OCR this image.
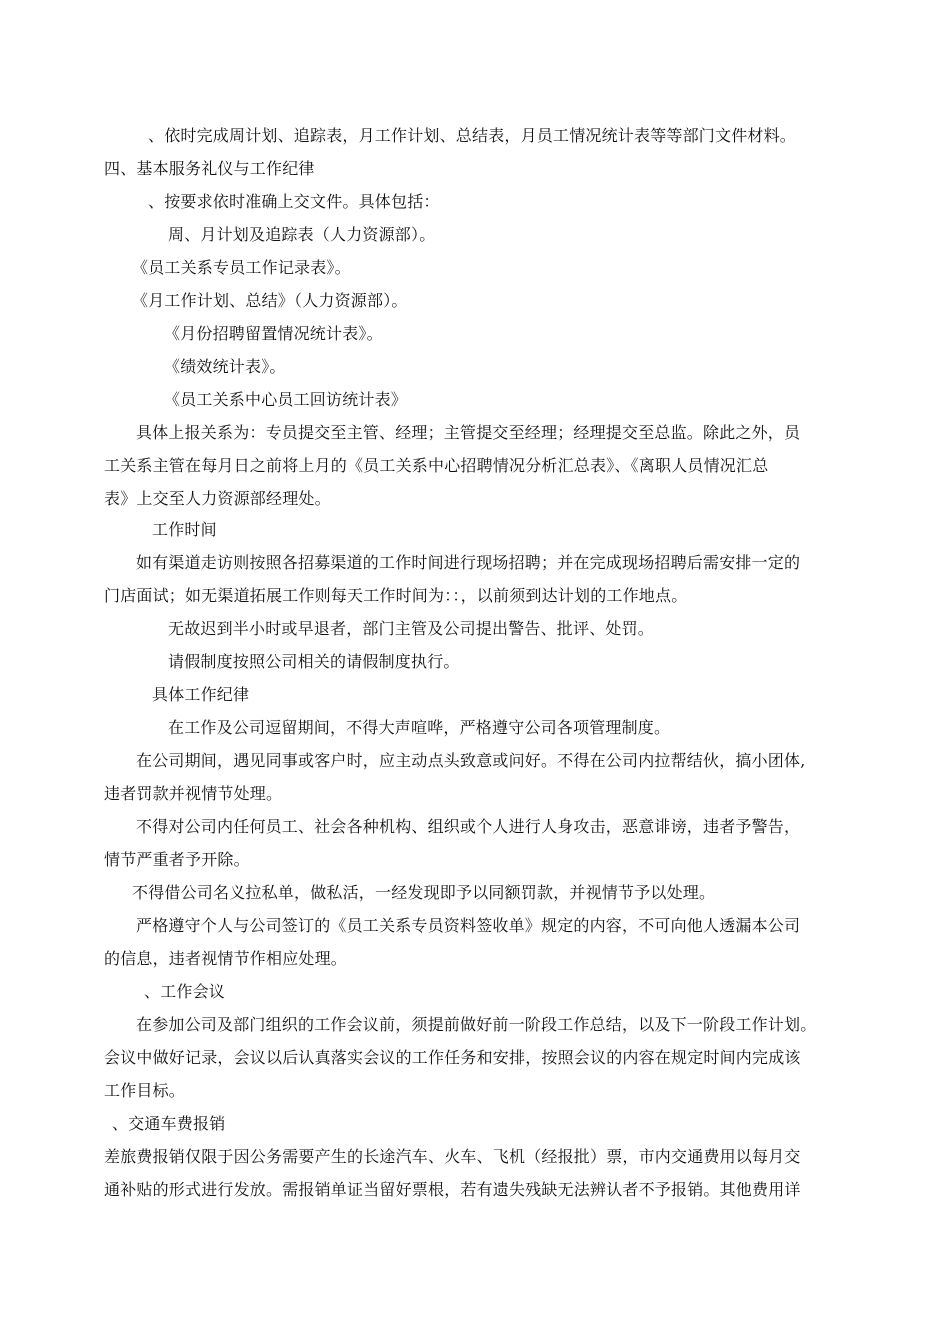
、依时完成周计划、追踪表，月工作计划、总结表，月员工情况统计表等等部门文件材料。
四、基本服务礼仪与工作纪律
、按要求依时准确上交文件。具体包括：
周、月计划及追踪表（人力资源部）。
《员工关系专员工作记录表》。
《月工作计划、总结》（人力资源部）。
《月份招聘留置情况统计表》。
《绩效统计表》。
《员工关系中心员工回访统计表》
具体上报关系为：专员提交至主管、经理；主管提交至经理；经理提交至总监。除此之外，员
工关系主管在每月日之前将上月的《员工关系中心招聘情况分析汇总表》、《离职人员情况汇总
表》上交至人力资源部经理处。
工作时间
如有渠道走访则按照各招募渠道的工作时间进行现场招聘；并在完成现场招聘后需安排一定的
门店面试；如无渠道拓展工作则每天工作时间为：：，以前须到达计划的工作地点。
无故迟到半小时或早退者，部门主管及公司提出警告、批评、处罚。
请假制度按照公司相关的请假制度执行。
具体工作纪律
在工作及公司逗留期间，不得大声喧哗，严格遵守公司各项管理制度。
在公司期间，遇见同事或客户时，应主动点头致意或问好。不得在公司内拉帮结伙，搞小团体,
违者罚款并视情节处理。
不得对公司内任何员工、社会各种机构、组织或个人进行人身攻击，恶意诽谤，违者予警告，
情节严重者予开除。
不得借公司名义拉私单，做私活，一经发现即予以同额罚款，并视情节予以处理。
严格遵守个人与公司签订的《员工关系专员资料签收单》规定的内容，不可向他人透漏本公司
的信息，违者视情节作相应处理。
、工作会议
在参加公司及部门组织的工作会议前，须提前做好前一阶段工作总结，以及下一阶段工作计划。
会议中做好记录，会议以后认真落实会议的工作任务和安排，按照会议的内容在规定时间内完成该
工作目标。
、交通车费报销
差旅费报销仅限于因公务需要产生的长途汽车、火车、飞机（经报批）票，市内交通费用以每月交
通补贴的形式进行发放。需报销单证当留好票根，若有遗失残缺无法辨认者不予报销。其他费用详
